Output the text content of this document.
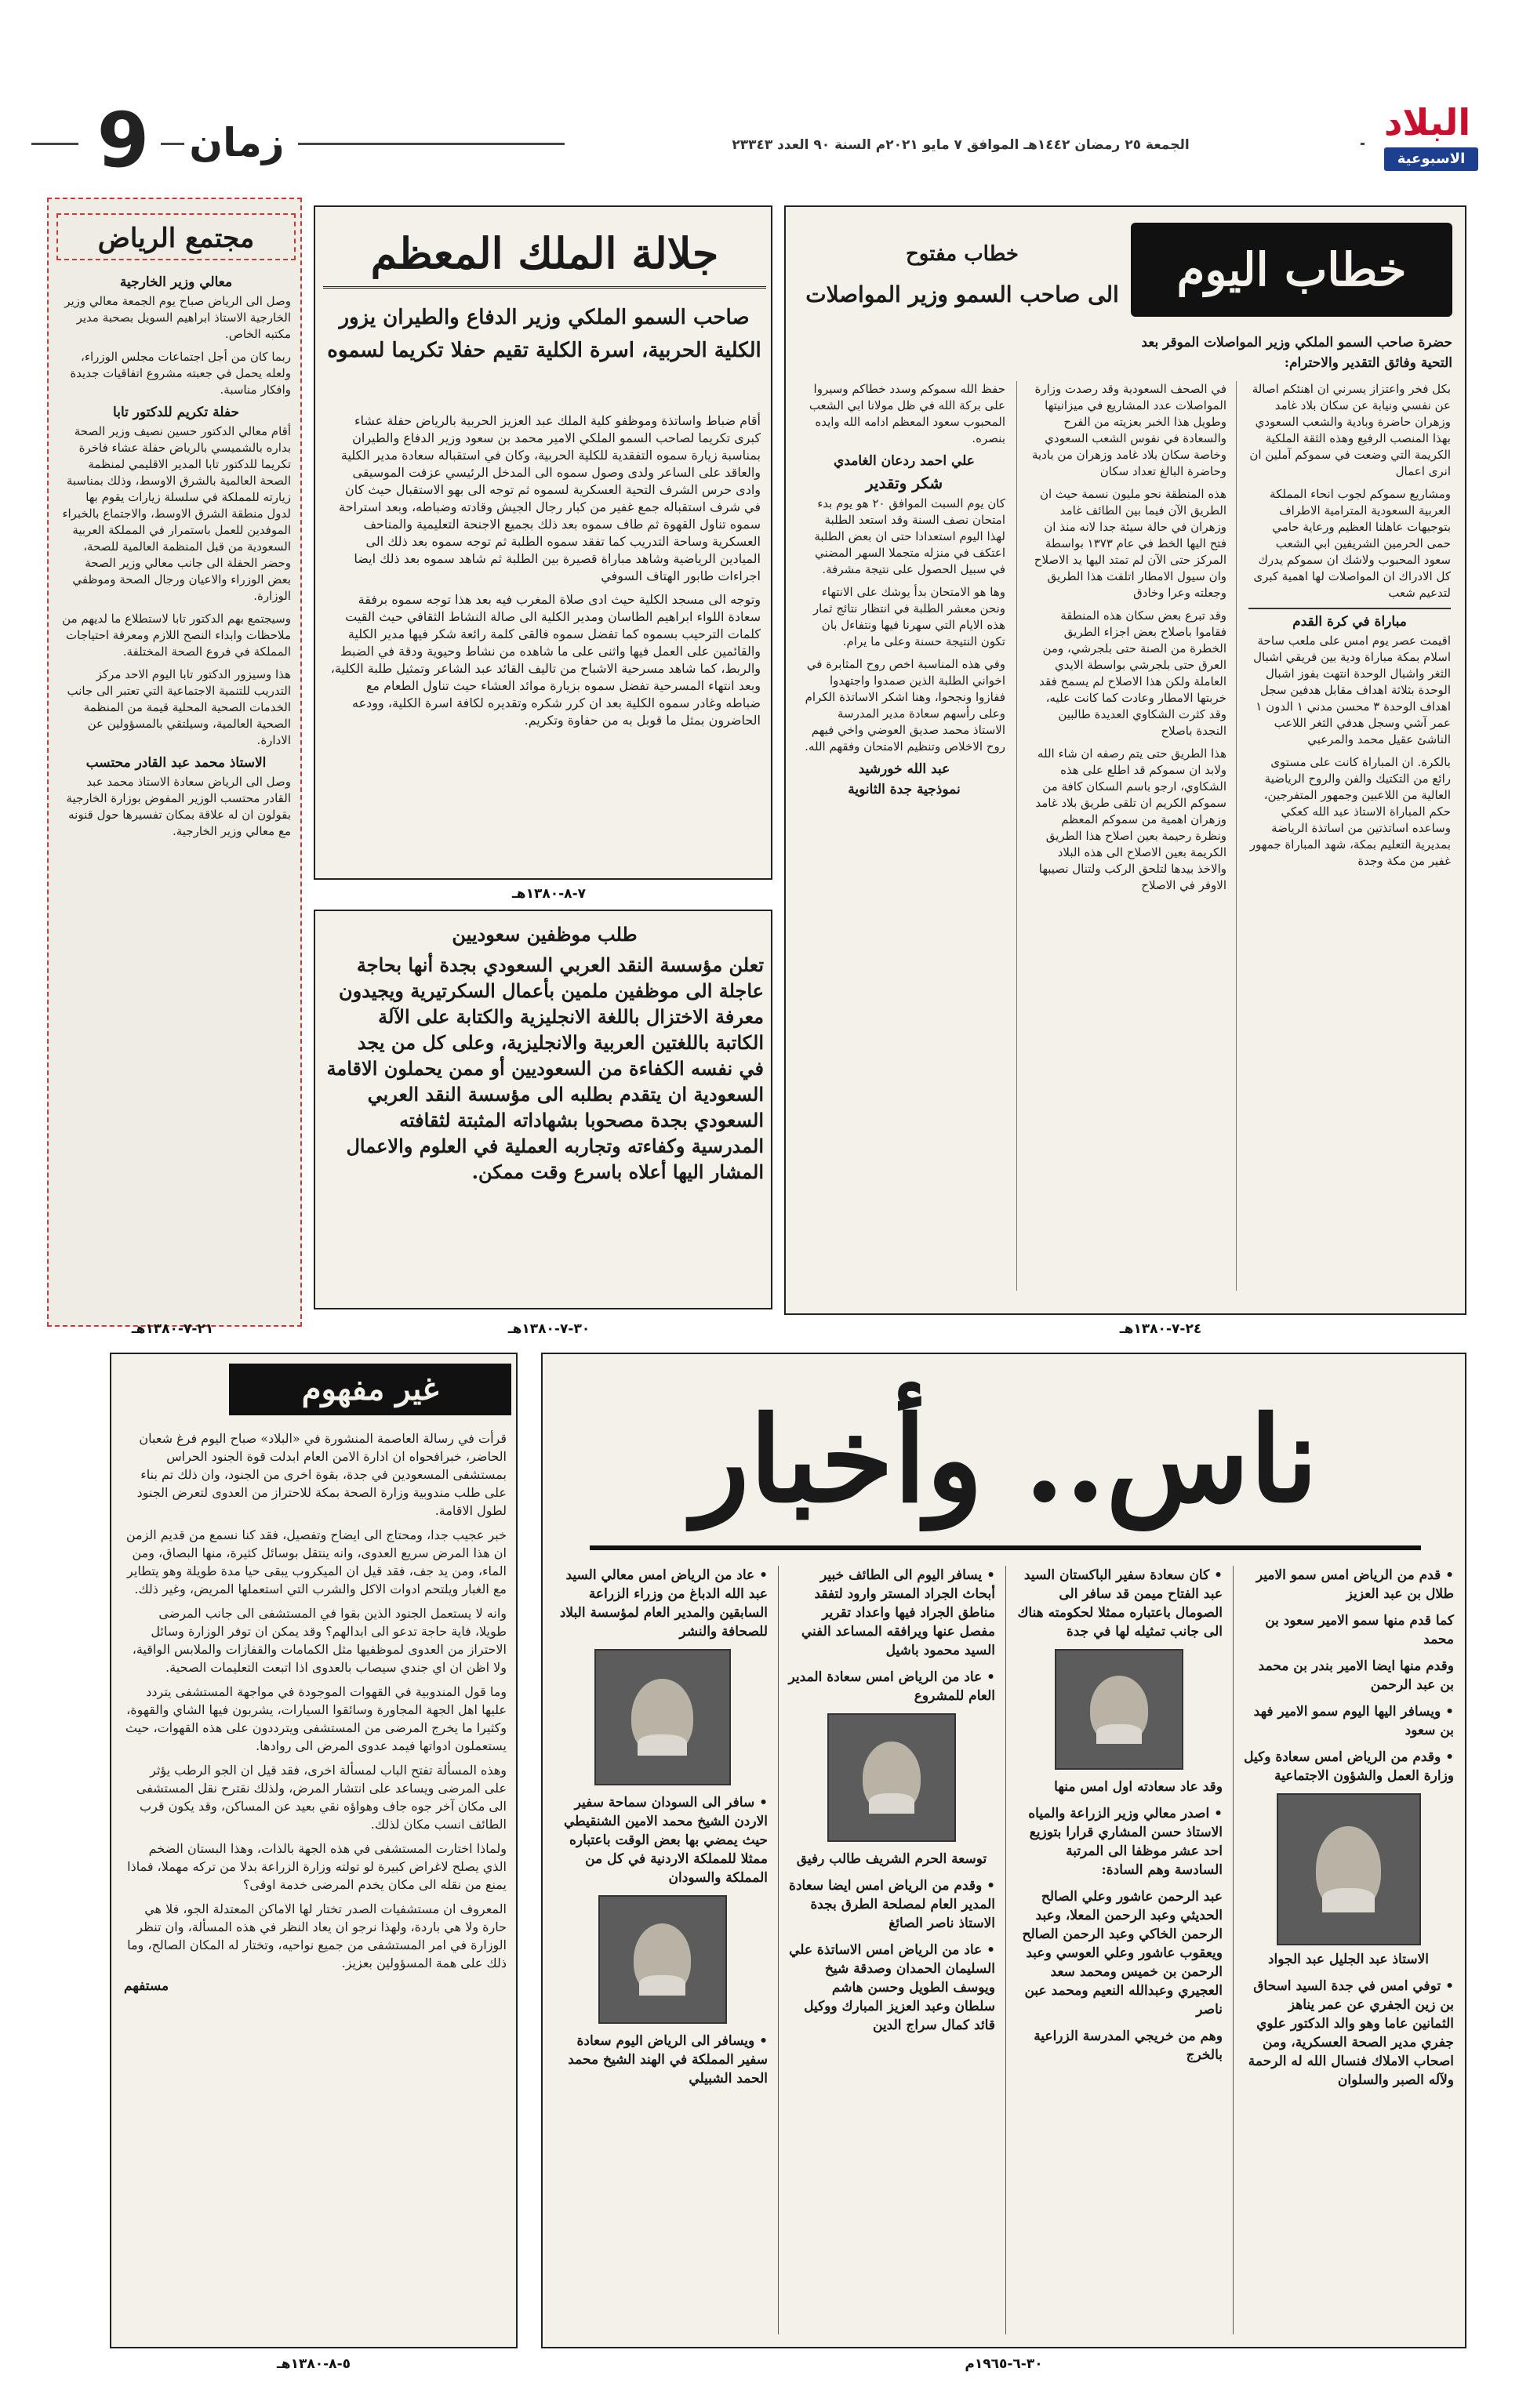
9 زمان	الجمعة ٢٥ رمضان ١٤٤٢هـ الموافق ٧ مايو ٢٠٢١م السنة ٩٠ العدد ٢٣٣٤٣
البلاد
الاسبوعية
خطاب اليوم
خطاب مفتوح
الى صاحب السمو وزير المواصلات
حضرة صاحب السمو الملكي وزير المواصلات الموقر بعد التحية وفائق التقدير والاحترام:

بكل فخر واعتزاز يسرني ان اهنئكم اصالة عن نفسي ونيابة عن سكان بلاد غامد وزهران حاضرة وبادية والشعب السعودي بهذا المنصب الرفيع وهذه الثقة الملكية الكريمة التي وضعت في سموكم آملين ان انرى اعمال

ومشاريع سموكم لجوب انحاء المملكة العربية السعودية المترامية الاطراف بتوجيهات عاهلنا العظيم ورعاية حامي حمى الحرمين الشريفين ابي الشعب سعود المحبوب ولاشك ان سموكم يدرك كل الادراك ان المواصلات لها اهمية كبرى لتدعيم شعب

مباراة في كرة القدم

اقيمت عصر يوم امس على ملعب ساحة اسلام بمكة مباراة ودية بين فريقي اشبال الثغر واشبال الوحدة انتهت بفوز اشبال الوحدة بثلاثة اهداف مقابل هدفين سجل اهداف الوحدة ٣ محسن مدني ١ الدون ١ عمر آشي وسجل هدفي الثغر اللاعب الناشئ عقيل محمد والمرعبي

بالكرة. ان المباراة كانت على مستوى رائع من التكتيك والفن والروح الرياضية العالية من اللاعبين وجمهور المتفرجين، حكم المباراة الاستاذ عبد الله كعكي وساعده اساتذتين من اساتذة الرياضة بمديرية التعليم بمكة، شهد المباراة جمهور غفير من مكة وجدة

في الصحف السعودية وقد رصدت وزارة المواصلات عدد المشاريع في ميزانيتها وطويل هذا الخبر بعزيته من الفرح والسعادة في نفوس الشعب السعودي وخاصة سكان بلاد غامد وزهران من بادية وحاضرة البالغ تعداد سكان

هذه المنطقة نحو مليون نسمة حيث ان الطريق الآن فيما بين الطائف غامد وزهران في حالة سيئة جدا لانه منذ ان فتح اليها الخط في عام ١٣٧٣ بواسطة المركز حتى الآن لم تمتد اليها يد الاصلاح وان سيول الامطار اتلفت هذا الطريق وجعلته وعرا وخادق

وقد تبرع بعض سكان هذه المنطقة فقاموا باصلاح بعض اجزاء الطريق الخطرة من الصنة حتى بلجرشي، ومن العرق حتى بلجرشي بواسطة الايدي العاملة ولكن هذا الاصلاح لم يسمح فقد خربتها الامطار وعادت كما كانت عليه، وقد كثرت الشكاوي العديدة طالبين النجدة باصلاح

هذا الطريق حتى يتم رصفه ان شاء الله ولابد ان سموكم قد اطلع على هذه الشكاوي، ارجو باسم السكان كافة من سموكم الكريم ان تلقى طريق بلاد غامد وزهران اهمية من سموكم المعظم ونظرة رحيمة بعين اصلاح هذا الطريق الكريمة بعين الاصلاح الى هذه البلاد والاخذ بيدها لتلحق الركب ولتنال نصيبها الاوفر في الاصلاح

حفظ الله سموكم وسدد خطاكم وسيروا على بركة الله في ظل مولانا ابي الشعب المحبوب سعود المعظم ادامه الله وايده بنصره.

علي احمد ردعان الغامدي

شكر وتقدير

كان يوم السبت الموافق ٢٠ هو يوم بدء امتحان نصف السنة وقد استعد الطلبة لهذا اليوم استعدادا حتى ان بعض الطلبة اعتكف في منزله متجملا السهر المضني في سبيل الحصول على نتيجة مشرفة.

وها هو الامتحان بدأ يوشك على الانتهاء ونحن معشر الطلبة في انتظار نتائج ثمار هذه الايام التي سهرنا فيها ونتفاءل بان تكون النتيجة حسنة وعلى ما يرام.

وفي هذه المناسبة اخص روح المثابرة في اخواني الطلبة الذين صمدوا واجتهدوا ففازوا ونجحوا، وهنا اشكر الاساتذة الكرام وعلى رأسهم سعادة مدير المدرسة الاستاذ محمد صديق العوضي واخي فيهم روح الاخلاص وتنظيم الامتحان وفقهم الله.

عبد الله خورشيد

نموذجية جدة الثانوية

٢٤-٧-١٣٨٠هـ
جلالة الملك المعظم
صاحب السمو الملكي وزير الدفاع والطيران يزور الكلية الحربية، اسرة الكلية تقيم حفلا تكريما لسموه

أقام ضباط واساتذة وموظفو كلية الملك عبد العزيز الحربية بالرياض حفلة عشاء كبرى تكريما لصاحب السمو الملكي الامير محمد بن سعود وزير الدفاع والطيران بمناسبة زيارة سموه التفقدية للكلية الحربية، وكان في استقباله سعادة مدير الكلية والعاقد على الساعر ولدى وصول سموه الى المدخل الرئيسي عزفت الموسيقى وادى حرس الشرف التحية العسكرية لسموه ثم توجه الى بهو الاستقبال حيث كان في شرف استقباله جمع غفير من كبار رجال الجيش وقادته وضباطه، وبعد استراحة سموه تناول القهوة ثم طاف سموه بعد ذلك بجميع الاجنحة التعليمية والمناحف العسكرية وساحة التدريب كما تفقد سموه الطلبة ثم توجه سموه بعد ذلك الى الميادين الرياضية وشاهد مباراة قصيرة بين الطلبة ثم شاهد سموه بعد ذلك ايضا اجراءات طابور الهتاف السوفي

وتوجه الى مسجد الكلية حيث ادى صلاة المغرب فيه بعد هذا توجه سموه برفقة سعادة اللواء ابراهيم الطاسان ومدير الكلية الى صالة النشاط الثقافي حيث القيت كلمات الترحيب بسموه كما تفضل سموه فالقى كلمة رائعة شكر فيها مدير الكلية والقائمين على العمل فيها واثنى على ما شاهده من نشاط وحيوية ودقة في الضبط والربط، كما شاهد مسرحية الاشباح من تاليف القائد عبد الشاعر وتمثيل طلبة الكلية، وبعد انتهاء المسرحية تفضل سموه بزيارة موائد العشاء حيث تناول الطعام مع ضباطه وغادر سموه الكلية بعد ان كرر شكره وتقديره لكافة اسرة الكلية، وودعه الحاضرون بمثل ما قوبل به من حفاوة وتكريم.

٧-٨-١٣٨٠هـ
مجتمع الرياض

معالي وزير الخارجية

وصل الى الرياض صباح يوم الجمعة معالي وزير الخارجية الاستاذ ابراهيم السويل بصحبة مدير مكتبه الخاص.

ربما كان من أجل اجتماعات مجلس الوزراء، ولعله يحمل في جعبته مشروع اتفاقيات جديدة وافكار مناسبة.

حفلة تكريم للدكتور تابا

أقام معالي الدكتور حسين نصيف وزير الصحة بداره بالشميسي بالرياض حفلة عشاء فاخرة تكريما للدكتور تابا المدير الاقليمي لمنظمة الصحة العالمية بالشرق الاوسط، وذلك بمناسبة زيارته للمملكة في سلسلة زيارات يقوم بها لدول منطقة الشرق الاوسط، والاجتماع بالخبراء الموفدين للعمل باستمرار في المملكة العربية السعودية من قبل المنظمة العالمية للصحة، وحضر الحفلة الى جانب معالي وزير الصحة بعض الوزراء والاعيان ورجال الصحة وموظفي الوزارة.

وسيجتمع بهم الدكتور تابا لاستطلاع ما لديهم من ملاحظات وابداء النصح اللازم ومعرفة احتياجات المملكة في فروع الصحة المختلفة.

هذا وسيزور الدكتور تابا اليوم الاحد مركز التدريب للتنمية الاجتماعية التي تعتبر الى جانب الخدمات الصحية المحلية قيمة من المنظمة الصحية العالمية، وسيلتقي بالمسؤولين عن الادارة.

الاستاذ محمد عبد القادر محتسب

وصل الى الرياض سعادة الاستاذ محمد عبد القادر محتسب الوزير المفوض بوزارة الخارجية بقولون ان له علاقة بمكان تفسيرها حول قنونه مع معالي وزير الخارجية.

٢١-٧-١٣٨٠هـ
طلب موظفين سعوديين
تعلن مؤسسة النقد العربي السعودي بجدة أنها بحاجة عاجلة الى موظفين ملمين بأعمال السكرتيرية ويجيدون معرفة الاختزال باللغة الانجليزية والكتابة على الآلة الكاتبة باللغتين العربية والانجليزية، وعلى كل من يجد في نفسه الكفاءة من السعوديين أو ممن يحملون الاقامة السعودية ان يتقدم بطلبه الى مؤسسة النقد العربي السعودي بجدة مصحوبا بشهاداته المثبتة لثقافته المدرسية وكفاءته وتجاربه العملية في العلوم والاعمال المشار اليها أعلاه باسرع وقت ممكن.
٣٠-٧-١٣٨٠هـ
غير مفهوم

قرأت في رسالة العاصمة المنشورة في «البلاد» صباح اليوم فرغ شعبان الحاضر، خبرافحواه ان ادارة الامن العام ابدلت قوة الجنود الحراس بمستشفى المسعودين في جدة، بقوة اخرى من الجنود، وان ذلك تم بناء على طلب مندوبية وزارة الصحة بمكة للاحتراز من العدوى لتعرض الجنود لطول الاقامة.

خبر عجيب جدا، ومحتاج الى ايضاح وتفصيل، فقد كنا نسمع من قديم الزمن ان هذا المرض سريع العدوى، وانه ينتقل بوسائل كثيرة، منها البصاق، ومن الماء، ومن يد جف، فقد قيل ان الميكروب يبقى حيا مدة طويلة وهو يتطاير مع الغبار ويلتحم ادوات الاكل والشرب التي استعملها المريض، وغير ذلك.

وانه لا يستعمل الجنود الذين بقوا في المستشفى الى جانب المرضى طويلا، فاية حاجة تدعو الى ابدالهم؟ وقد يمكن ان توفر الوزارة وسائل الاحتراز من العدوى لموظفيها مثل الكمامات والقفازات والملابس الواقية، ولا اظن ان اي جندي سيصاب بالعدوى اذا اتبعت التعليمات الصحية.

وما قول المندوبية في القهوات الموجودة في مواجهة المستشفى يتردد عليها اهل الجهة المجاورة وسائقوا السيارات، يشربون فيها الشاي والقهوة، وكثيرا ما يخرج المرضى من المستشفى ويترددون على هذه القهوات، حيث يستعملون ادواتها فيمد عدوى المرض الى روادها.

وهذه المسألة تفتح الباب لمسألة اخرى، فقد قيل ان الجو الرطب يؤثر على المرضى ويساعد على انتشار المرض، ولذلك نقترح نقل المستشفى الى مكان آخر جوه جاف وهواؤه نقي بعيد عن المساكن، وقد يكون قرب الطائف انسب مكان لذلك.

ولماذا اختارت المستشفى في هذه الجهة بالذات، وهذا البستان الضخم الذي يصلح لاغراض كبيرة لو تولته وزارة الزراعة بدلا من تركه مهملا، فماذا يمنع من نقله الى مكان يخدم المرضى خدمة اوفى؟

المعروف ان مستشفيات الصدر تختار لها الاماكن المعتدلة الجو، فلا هي حارة ولا هي باردة، ولهذا نرجو ان يعاد النظر في هذه المسألة، وان تنظر الوزارة في امر المستشفى من جميع نواحيه، وتختار له المكان الصالح، وما ذلك على همة المسؤولين بعزيز.

مستفهم

٥-٨-١٣٨٠هـ
ناس.. وأخبار

• قدم من الرياض امس سمو الامير طلال بن عبد العزيز

كما قدم منها سمو الامير سعود بن محمد

وقدم منها ايضا الامير بندر بن محمد بن عبد الرحمن

• ويسافر اليها اليوم سمو الامير فهد بن سعود

• وقدم من الرياض امس سعادة وكيل وزارة العمل والشؤون الاجتماعية

الاستاذ عبد الجليل عبد الجواد

• توفي امس في جدة السيد اسحاق بن زين الجفري عن عمر يناهز الثمانين عاما وهو والد الدكتور علوي جفري مدير الصحة العسكرية، ومن اصحاب الاملاك فنسال الله له الرحمة ولآله الصبر والسلوان

• كان سعادة سفير الباكستان السيد عبد الفتاح ميمن قد سافر الى الصومال باعتباره ممثلا لحكومته هناك الى جانب تمثيله لها في جدة

وقد عاد سعادته اول امس منها

• اصدر معالي وزير الزراعة والمياه الاستاذ حسن المشاري قرارا بتوزيع احد عشر موظفا الى المرتبة السادسة وهم السادة:

عبد الرحمن عاشور وعلي الصالح الحديثي وعبد الرحمن المعلا، وعبد الرحمن الخاكي وعبد الرحمن الصالح ويعقوب عاشور وعلي العوسي وعبد الرحمن بن خميس ومحمد سعد العجيري وعبدالله النعيم ومحمد عبن ناصر

وهم من خريجي المدرسة الزراعية بالخرج

• يسافر اليوم الى الطائف خبير أبحاث الجراد المستر وارود لتفقد مناطق الجراد فيها واعداد تقرير مفصل عنها ويرافقه المساعد الفني السيد محمود باشيل

• عاد من الرياض امس سعادة المدير العام للمشروع

توسعة الحرم الشريف طالب رفيق

• وقدم من الرياض امس ايضا سعادة المدير العام لمصلحة الطرق بجدة الاستاذ ناصر الصائغ

• عاد من الرياض امس الاساتذة علي السليمان الحمدان وصدقة شيخ ويوسف الطويل وحسن هاشم سلطان وعبد العزيز المبارك ووكيل قائد كمال سراج الدين

• عاد من الرياض امس معالي السيد عبد الله الدباغ من وزراء الزراعة السابقين والمدير العام لمؤسسة البلاد للصحافة والنشر

• سافر الى السودان سماحة سفير الاردن الشيخ محمد الامين الشنقيطي حيث يمضي بها بعض الوقت باعتباره ممثلا للمملكة الاردنية في كل من المملكة والسودان

• ويسافر الى الرياض اليوم سعادة سفير المملكة في الهند الشيخ محمد الحمد الشبيلي

٣٠-٦-١٩٦٥م
